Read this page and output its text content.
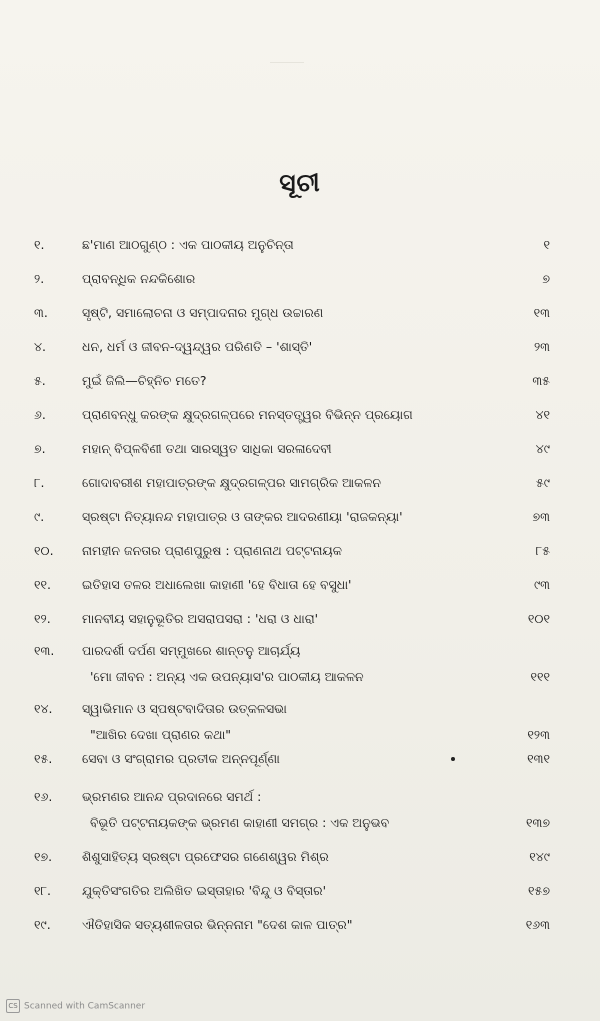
ସୂଚୀ
୧.	ଛ'ମାଣ ଆଠଗୁଣ୍ଠ : ଏକ ପାଠକୀୟ ଅନୁଚିନ୍ତା	୧
୨.	ପ୍ରାବନ୍ଧିକ ନନ୍ଦକିଶୋର	୭
୩.	ସୃଷ୍ଟି, ସମାଲୋଚନା ଓ ସମ୍ପାଦନାର ମୁଗ୍ଧ ଉଚ୍ଚାରଣ	୧୩
୪.	ଧନ, ଧର୍ମ ଓ ଜୀବନ-ଦ୍ୱନ୍ଦ୍ୱର ପରିଣତି – 'ଶାସ୍ତି'	୨୩
୫.	ମୁଇଁ ଜିଲି—ଚିହ୍ନିଚ ମତେ?	୩୫
୬.	ପ୍ରାଣବନ୍ଧୁ କରଙ୍କ କ୍ଷୁଦ୍ରଗଳ୍ପରେ ମନସ୍ତତ୍ତ୍ୱର ବିଭିନ୍ନ ପ୍ରୟୋଗ	୪୧
୭.	ମହାନ୍ ବିପ୍ଳବିଣୀ ତଥା ସାରସ୍ୱତ ସାଧିକା ସରଳାଦେବୀ	୪୯
୮.	ଗୋଦାବରୀଶ ମହାପାତ୍ରଙ୍କ କ୍ଷୁଦ୍ରଗଳ୍ପର ସାମଗ୍ରିକ ଆକଳନ	୫୯
୯.	ସ୍ରଷ୍ଟା ନିତ୍ୟାନନ୍ଦ ମହାପାତ୍ର ଓ ତାଙ୍କର ଆଦରଣୀୟା 'ରାଜକନ୍ୟା'	୭୩
୧୦.	ନାମହୀନ ଜନତାର ପ୍ରାଣପୁରୁଷ : ପ୍ରାଣନାଥ ପଟ୍ଟନାୟକ	୮୫
୧୧.	ଇତିହାସ ତଳର ଅଧାଲେଖା କାହାଣୀ 'ହେ ବିଧାତା ହେ ବସୁଧା'	୯୩
୧୨.	ମାନବୀୟ ସହାନୁଭୂତିର ଅସରାପସରା : 'ଧରା ଓ ଧାରା'	୧୦୧
୧୩.	ପାରଦର୍ଶୀ ଦର୍ପଣ ସମ୍ମୁଖରେ ଶାନ୍ତନୁ ଆଚାର୍ଯ୍ୟ
'ମୋ ଜୀବନ : ଅନ୍ୟ ଏକ ଉପନ୍ୟାସ'ର ପାଠକୀୟ ଆକଳନ	୧୧୧
୧୪.	ସ୍ୱାଭିମାନ ଓ ସ୍ପଷ୍ଟବାଦିତାର ଉତ୍କଳସଭା
"ଆଖିର ଦେଖା ପ୍ରାଣର କଥା"	୧୨୩
୧୫.	ସେବା ଓ ସଂଗ୍ରାମର ପ୍ରତୀକ ଅନ୍ନପୂର୍ଣ୍ଣା	୧୩୧
୧୬.	ଭ୍ରମଣର ଆନନ୍ଦ ପ୍ରଦାନରେ ସମର୍ଥ :
ବିଭୂତି ପଟ୍ଟନାୟକଙ୍କ ଭ୍ରମଣ କାହାଣୀ ସମଗ୍ର : ଏକ ଅନୁଭବ	୧୩୭
୧୭.	ଶିଶୁସାହିତ୍ୟ ସ୍ରଷ୍ଟା ପ୍ରଫେସର ଗଣେଶ୍ୱର ମିଶ୍ର	୧୪୯
୧୮.	ଯୁକ୍ତିସଂଗତିର ଅଲିଖିତ ଇସ୍ତାହାର 'ବିନ୍ଦୁ ଓ ବିସ୍ତାର'	୧୫୭
୧୯.	ଐତିହାସିକ ସତ୍ୟଶୀଳତାର ଭିନ୍ନନାମ "ଦେଶ କାଳ ପାତ୍ର"	୧୬୩
CS Scanned with CamScanner
